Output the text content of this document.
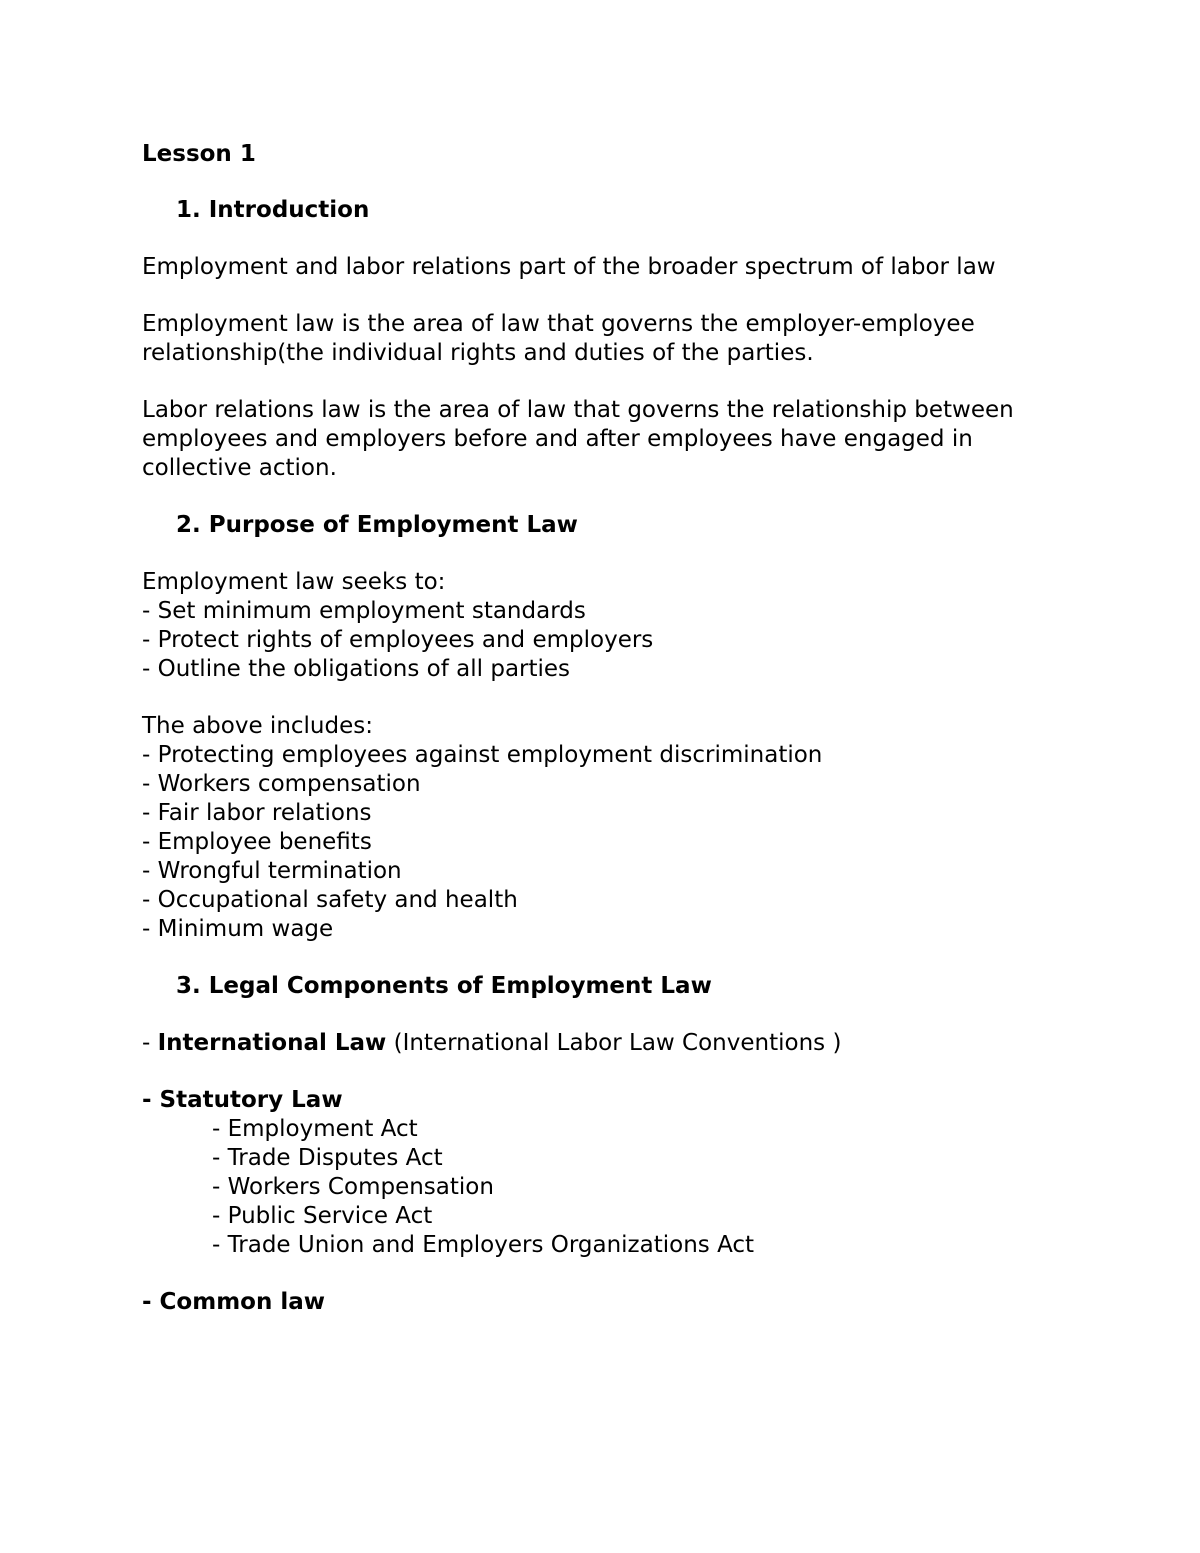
Lesson 1
1. Introduction
Employment and labor relations part of the broader spectrum of labor law
Employment law is the area of law that governs the employer-employee
relationship(the individual rights and duties of the parties.
Labor relations law is the area of law that governs the relationship between
employees and employers before and after employees have engaged in
collective action.
2. Purpose of Employment Law
Employment law seeks to:
- Set minimum employment standards
- Protect rights of employees and employers
- Outline the obligations of all parties
The above includes:
- Protecting employees against employment discrimination
- Workers compensation
- Fair labor relations
- Employee benefits
- Wrongful termination
- Occupational safety and health
- Minimum wage
3. Legal Components of Employment Law
- International Law (International Labor Law Conventions )
- Statutory Law
- Employment Act
- Trade Disputes Act
- Workers Compensation
- Public Service Act
- Trade Union and Employers Organizations Act
- Common law
